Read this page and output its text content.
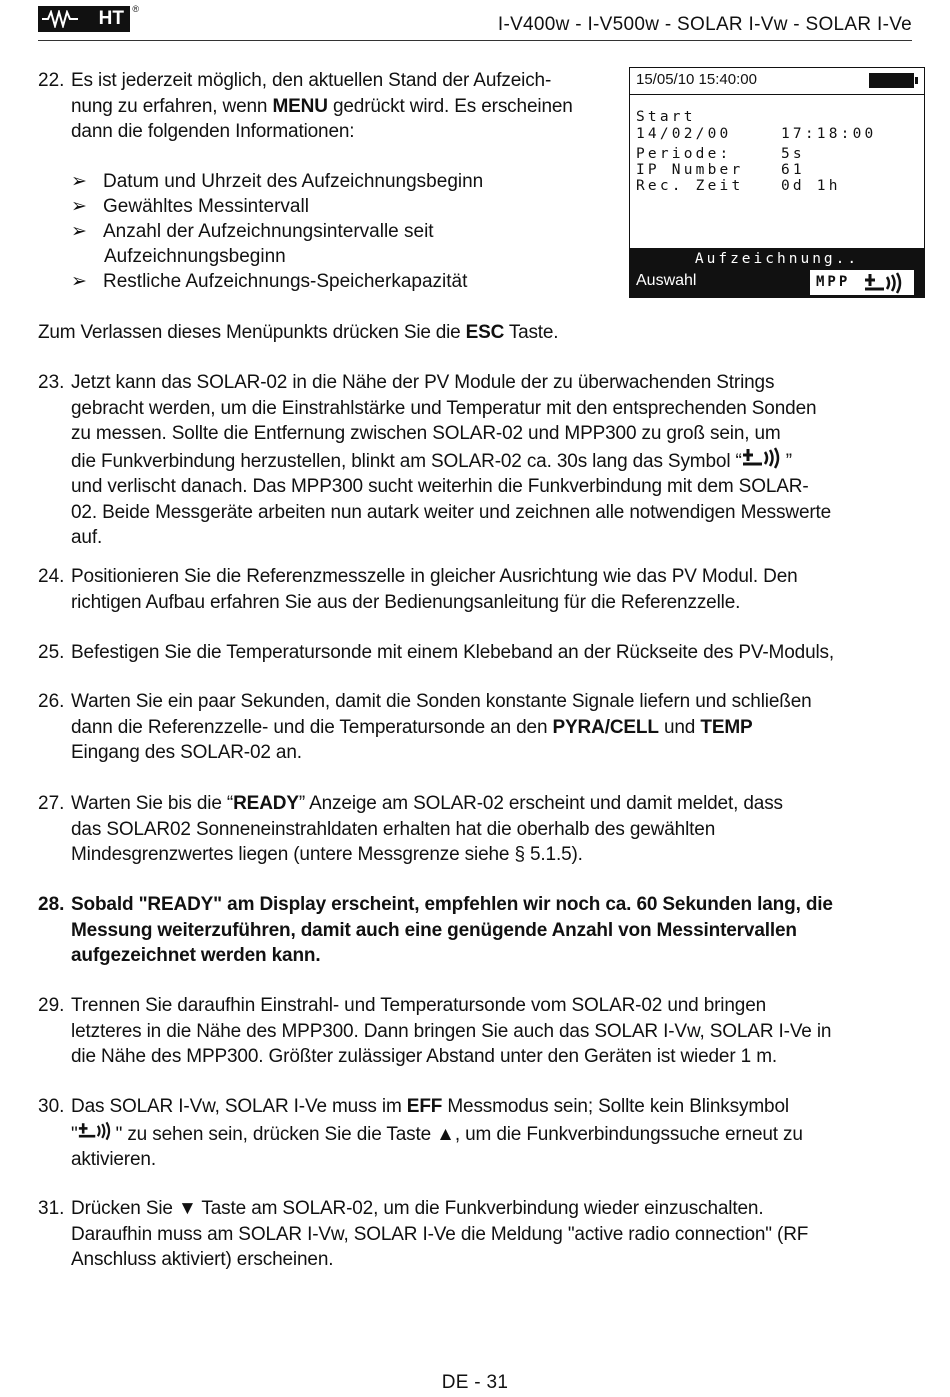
HT ®
I-V400w - I-V500w - SOLAR I-Vw - SOLAR I-Ve
22. Es ist jederzeit möglich, den aktuellen Stand der Aufzeich-
nung zu erfahren, wenn MENU gedrückt wird. Es erscheinen
dann die folgenden Informationen:
➢ Datum und Uhrzeit des Aufzeichnungsbeginn
➢ Gewähltes Messintervall
➢ Anzahl der Aufzeichnungsintervalle seit
Aufzeichnungsbeginn
➢ Restliche Aufzeichnungs-Speicherkapazität
15/05/10 15:40:00
Start
14/02/00	17:18:00
Periode:	5s
IP Number	61
Rec. Zeit	0d 1h
Aufzeichnung..
Auswahl	MPP
Zum Verlassen dieses Menüpunkts drücken Sie die ESC Taste.
23. Jetzt kann das SOLAR-02 in die Nähe der PV Module der zu überwachenden Strings
gebracht werden, um die Einstrahlstärke und Temperatur mit den entsprechenden Sonden
zu messen. Sollte die Entfernung zwischen SOLAR-02 und MPP300 zu groß sein, um
die Funkverbindung herzustellen, blinkt am SOLAR-02 ca. 30s lang das Symbol “ ”
und verlischt danach. Das MPP300 sucht weiterhin die Funkverbindung mit dem SOLAR-
02. Beide Messgeräte arbeiten nun autark weiter und zeichnen alle notwendigen Messwerte
auf.
24. Positionieren Sie die Referenzmesszelle in gleicher Ausrichtung wie das PV Modul. Den
richtigen Aufbau erfahren Sie aus der Bedienungsanleitung für die Referenzzelle.
25. Befestigen Sie die Temperatursonde mit einem Klebeband an der Rückseite des PV-Moduls,
26. Warten Sie ein paar Sekunden, damit die Sonden konstante Signale liefern und schließen
dann die Referenzzelle- und die Temperatursonde an den PYRA/CELL und TEMP
Eingang des SOLAR-02 an.
27. Warten Sie bis die “READY” Anzeige am SOLAR-02 erscheint und damit meldet, dass
das SOLAR02 Sonneneinstrahldaten erhalten hat die oberhalb des gewählten
Mindesgrenzwertes liegen (untere Messgrenze siehe § 5.1.5).
28. Sobald "READY" am Display erscheint, empfehlen wir noch ca. 60 Sekunden lang, die
Messung weiterzuführen, damit auch eine genügende Anzahl von Messintervallen
aufgezeichnet werden kann.
29. Trennen Sie daraufhin Einstrahl- und Temperatursonde vom SOLAR-02 und bringen
letzteres in die Nähe des MPP300. Dann bringen Sie auch das SOLAR I-Vw, SOLAR I-Ve in
die Nähe des MPP300. Größter zulässiger Abstand unter den Geräten ist wieder 1 m.
30. Das SOLAR I-Vw, SOLAR I-Ve muss im EFF Messmodus sein; Sollte kein Blinksymbol
" " zu sehen sein, drücken Sie die Taste ▲, um die Funkverbindungssuche erneut zu
aktivieren.
31. Drücken Sie ▼ Taste am SOLAR-02, um die Funkverbindung wieder einzuschalten.
Daraufhin muss am SOLAR I-Vw, SOLAR I-Ve die Meldung "active radio connection" (RF
Anschluss aktiviert) erscheinen.
DE - 31
